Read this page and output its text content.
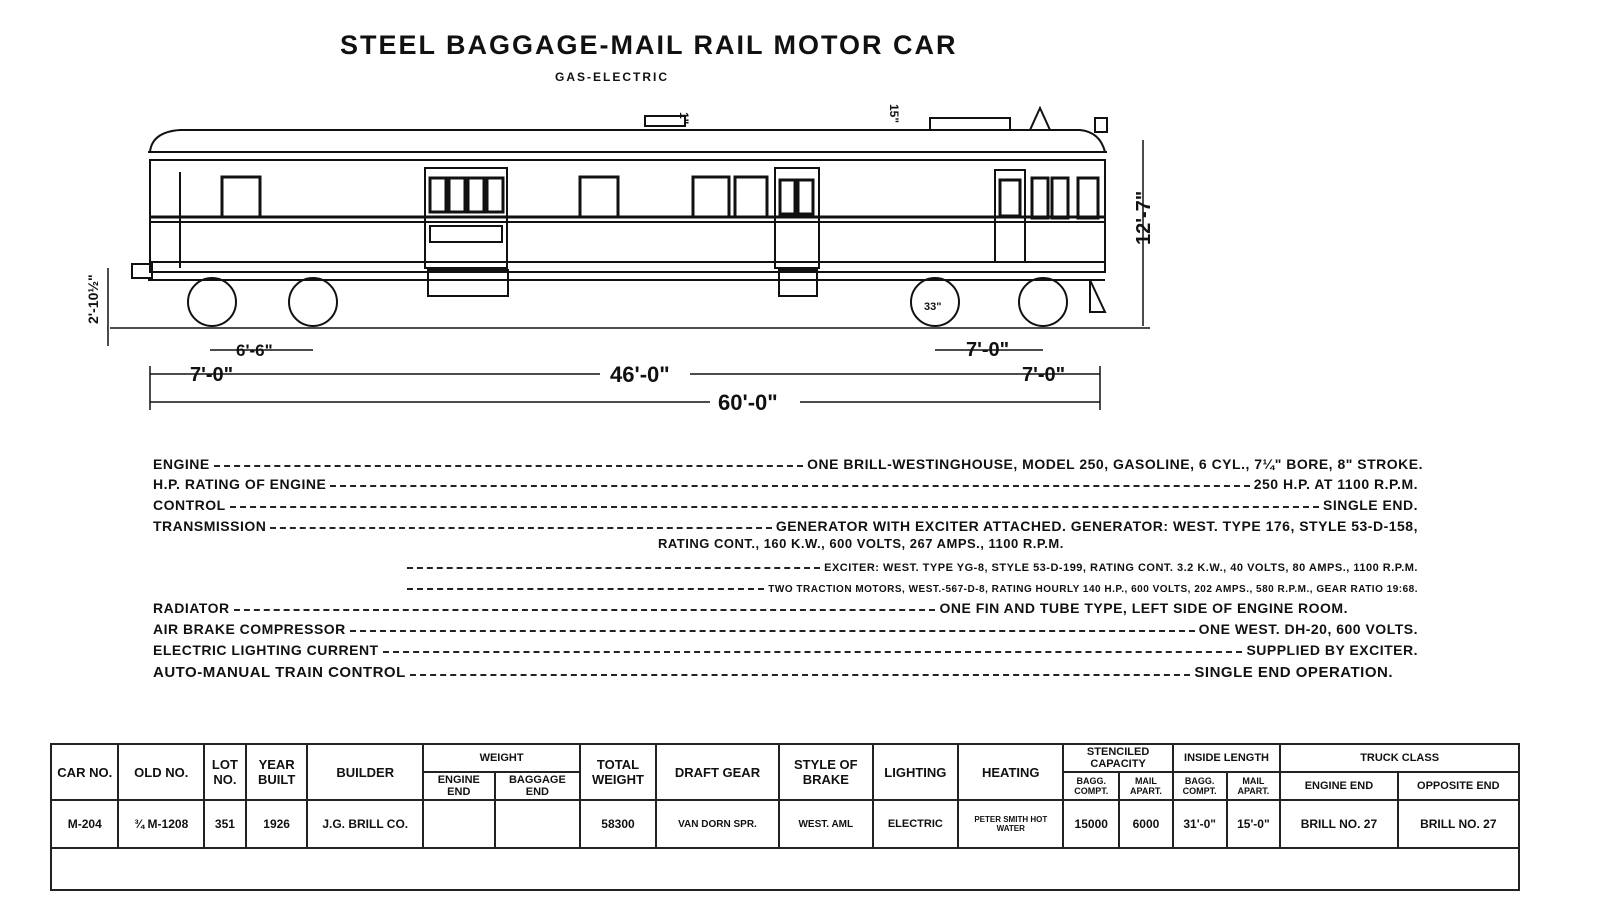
STEEL BAGGAGE-MAIL RAIL MOTOR CAR
GAS-ELECTRIC
12'-7"
2'-10½"
6'-6"
7'-0"	46'-0"	7'-0"
7'-0"
60'-0"
1"	15"
33"
ENGINE	ONE BRILL-WESTINGHOUSE, MODEL 250, GASOLINE, 6 CYL., 7¼" BORE, 8" STROKE.
H.P. RATING OF ENGINE	250 H.P. AT 1100 R.P.M.
CONTROL	SINGLE END.
TRANSMISSION	GENERATOR WITH EXCITER ATTACHED. GENERATOR: WEST. TYPE 176, STYLE 53-D-158,
RATING CONT., 160 K.W., 600 VOLTS, 267 AMPS., 1100 R.P.M.
EXCITER: WEST. TYPE YG-8, STYLE 53-D-199, RATING CONT. 3.2 K.W., 40 VOLTS, 80 AMPS., 1100 R.P.M.
TWO TRACTION MOTORS, WEST.-567-D-8, RATING HOURLY 140 H.P., 600 VOLTS, 202 AMPS., 580 R.P.M., GEAR RATIO 19:68.
RADIATOR	ONE FIN AND TUBE TYPE, LEFT SIDE OF ENGINE ROOM.
AIR BRAKE COMPRESSOR	ONE WEST. DH-20, 600 VOLTS.
ELECTRIC LIGHTING CURRENT	SUPPLIED BY EXCITER.
AUTO-MANUAL TRAIN CONTROL	SINGLE END OPERATION.
CAR NO.	OLD NO.	LOT NO.	YEAR BUILT	BUILDER	WEIGHT		TOTAL WEIGHT	DRAFT GEAR	STYLE OF BRAKE	LIGHTING	HEATING	STENCILED CAPACITY		INSIDE LENGTH		TRUCK CLASS	
					ENGINE END	BAGGAGE END						BAGG. COMPT.	MAIL APART.	BAGG. COMPT.	MAIL APART.	ENGINE END	OPPOSITE END
M-204	¾ M-1208	351	1926	J.G. BRILL CO.			58300	VAN DORN SPR.	WEST. AML	ELECTRIC	PETER SMITH HOT WATER	15000	6000	31'-0"	15'-0"	BRILL NO. 27	BRILL NO. 27
